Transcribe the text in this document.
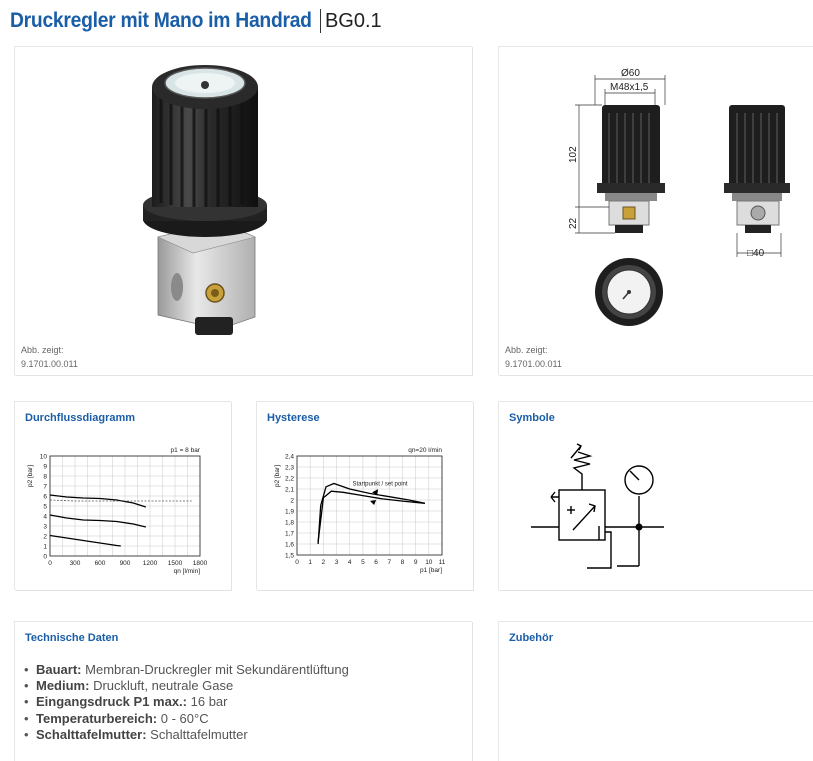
Druckregler mit Mano im Handrad BG0.1
Abb. zeigt:
9.1701.00.011
Ø60
M48x1,5
102
22
□40
Abb. zeigt:
9.1701.00.011
Durchflussdiagramm
0	300 600 900 1200 1500 1800
0
1
2
3
4
5
6
7
8
9
10
qn [l/min]
p2 [bar]
p1 = 8 bar
Hysterese
0 1 2 3 4 5 6 7 8 9 10 11
1,5
1,6
1,7
1,8
1,9
2
2,1
2,2
2,3
2,4
p1 [bar]
p2 [bar]
qn=20 l/min
Startpunkt / set point
Symbole
Technische Daten
• Bauart: Membran-Druckregler mit Sekundärentlüftung
• Medium: Druckluft, neutrale Gase
• Eingangsdruck P1 max.: 16 bar
• Temperaturbereich: 0 - 60°C
• Schalttafelmutter: Schalttafelmutter
Zubehör
